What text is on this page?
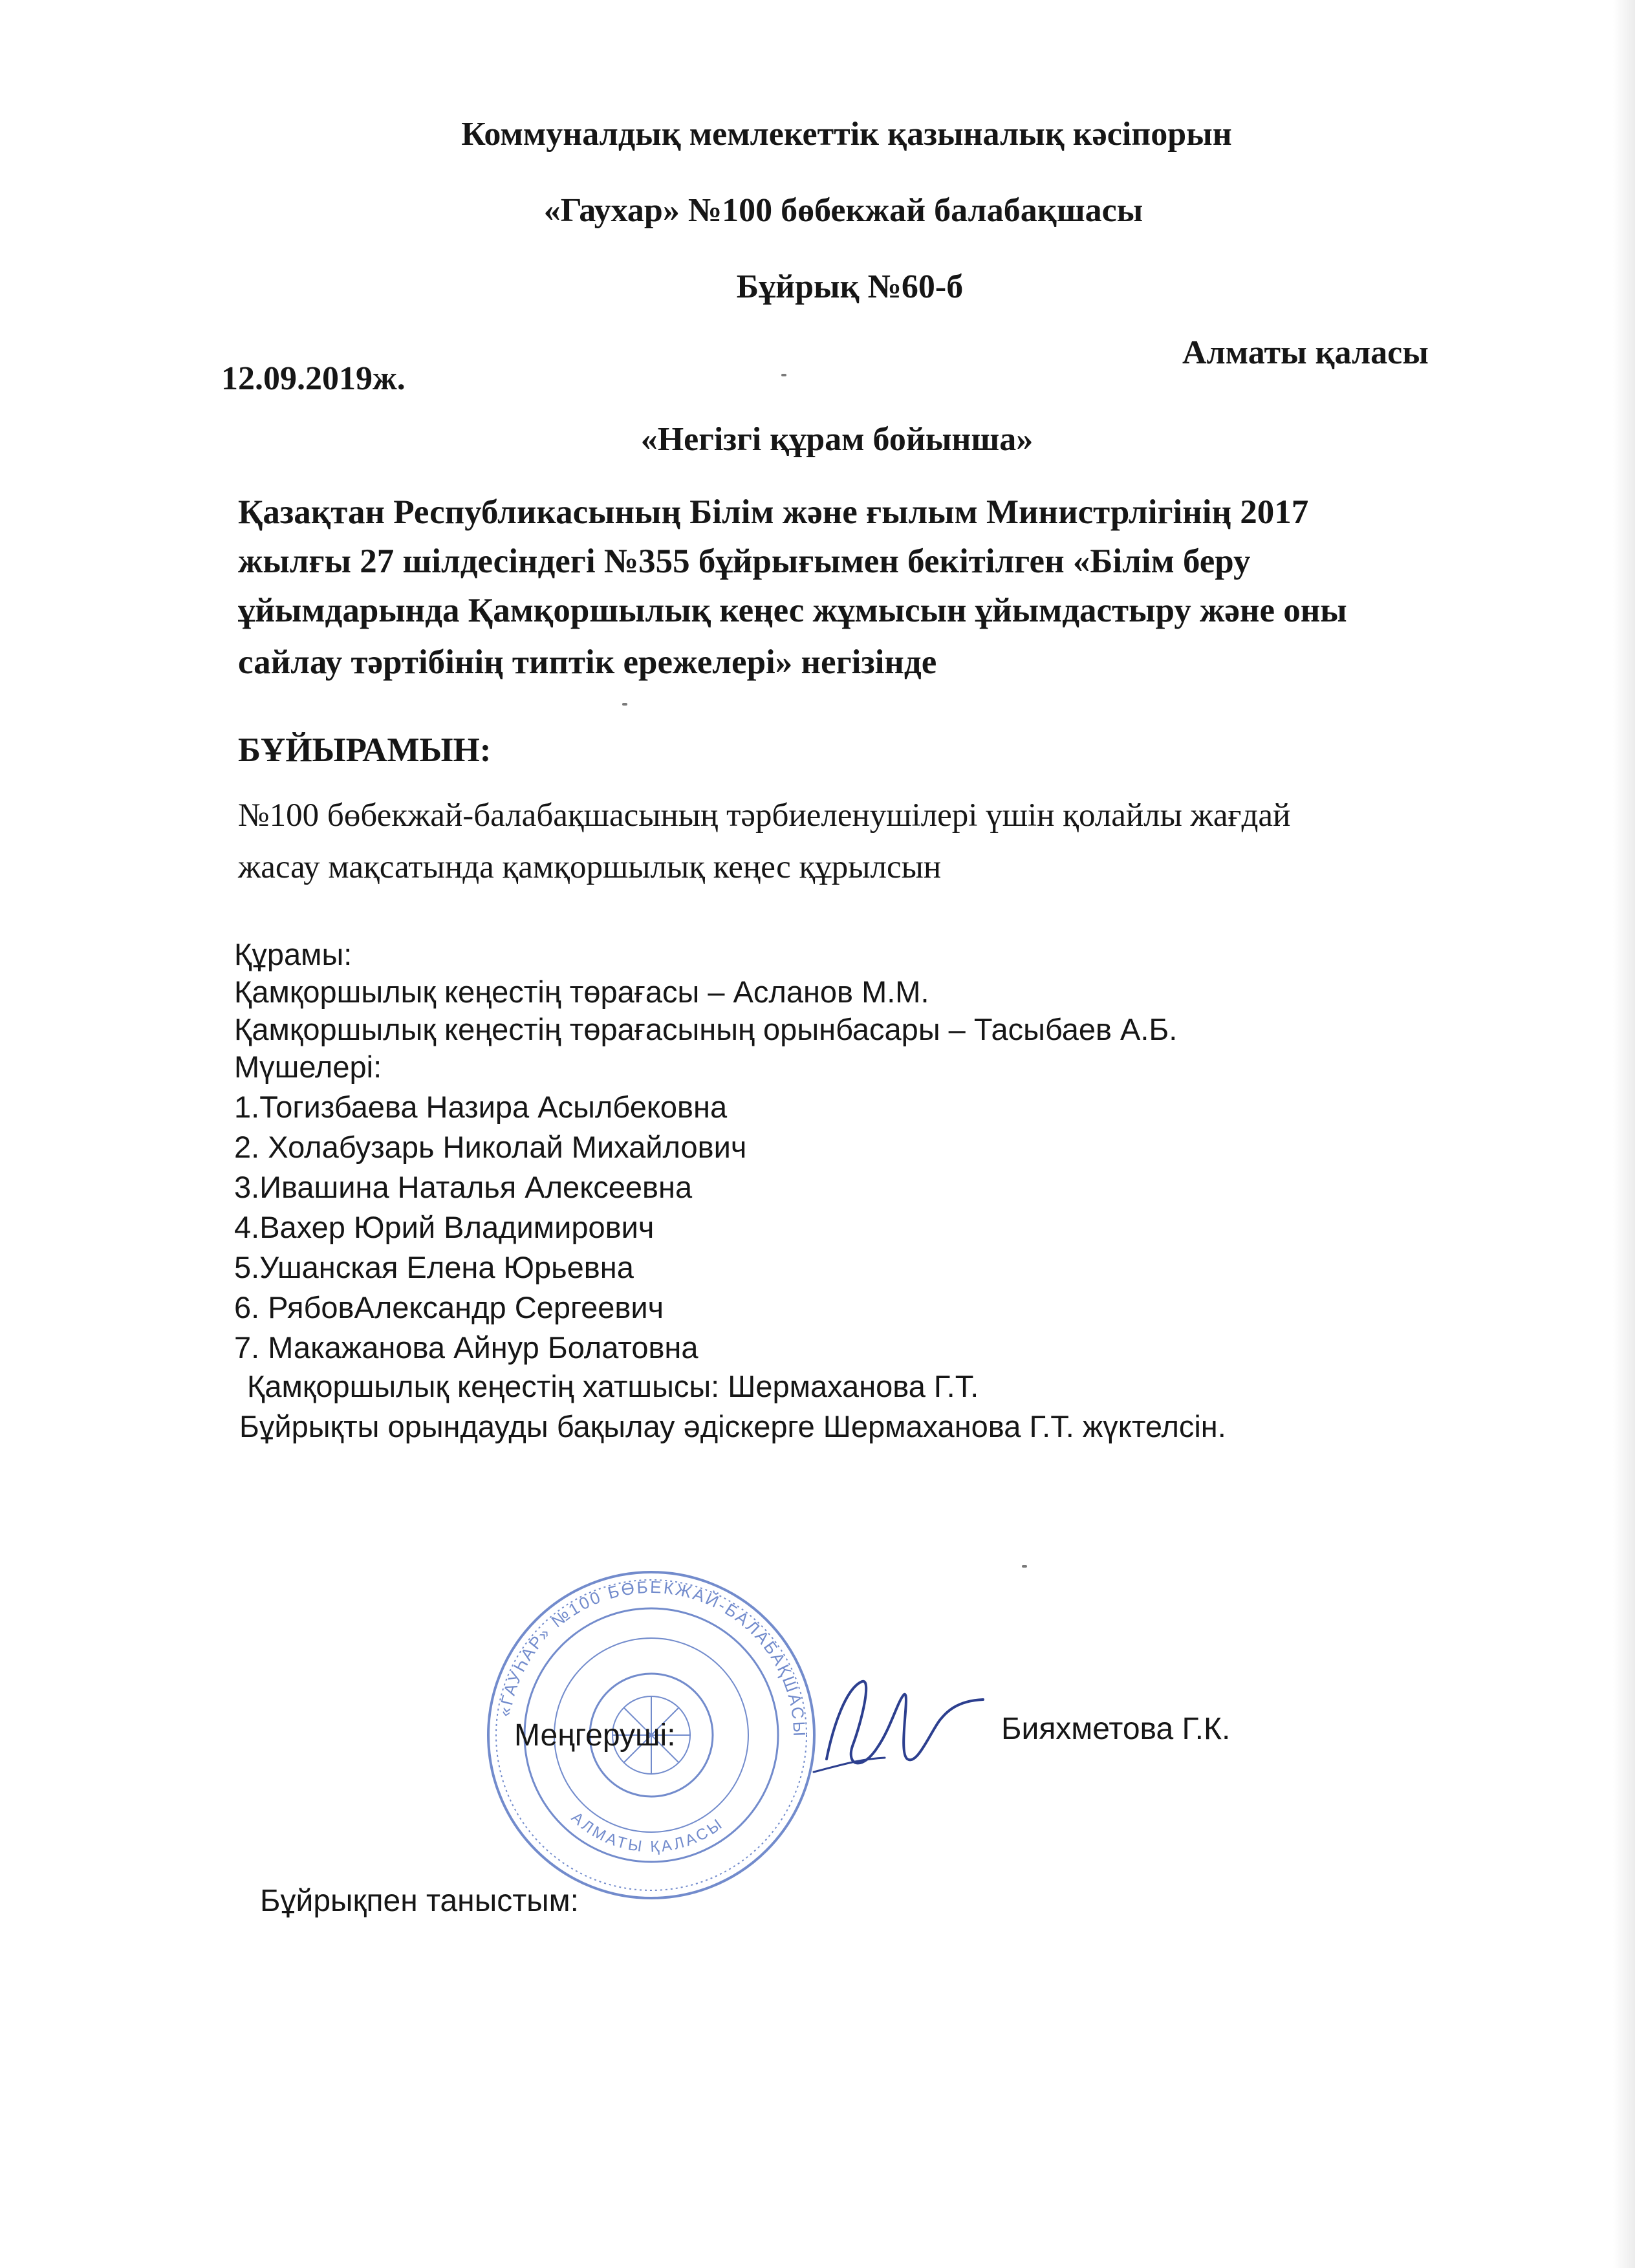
Коммуналдық мемлекеттік қазыналық кәсіпорын
«Гаухар» №100 бөбекжай балабақшасы
Бұйрық №60-б
12.09.2019ж.
Алматы қаласы
«Негізгі құрам бойынша»
Қазақтан Республикасының Білім және ғылым Министрлігінің 2017
жылғы 27 шілдесіндегі №355 бұйрығымен бекітілген «Білім беру
ұйымдарында Қамқоршылық кеңес жұмысын ұйымдастыру және оны
сайлау тәртібінің типтік ережелері» негізінде
БҰЙЫРАМЫН:
№100 бөбекжай-балабақшасының тәрбиеленушілері үшін қолайлы жағдай
жасау мақсатында қамқоршылық кеңес құрылсын
Құрамы:
Қамқоршылық кеңестің төрағасы – Асланов М.М.
Қамқоршылық кеңестің төрағасының орынбасары – Тасыбаев А.Б.
Мүшелері:
1.Тогизбаева Назира Асылбековна
2. Холабузарь Николай Михайлович
3.Ивашина Наталья Алексеевна
4.Вахер Юрий Владимирович
5.Ушанская Елена Юрьевна
6. РябовАлександр Сергеевич
7. Макажанова Айнур Болатовна
Қамқоршылық кеңестің хатшысы: Шермаханова Г.Т.
Бұйрықты орындауды бақылау әдіскерге Шермаханова Г.Т. жүктелсін.
«ГАУҺАР» №100 БӨБЕКЖАЙ-БАЛАБАҚШАСЫ
АЛМАТЫ ҚАЛАСЫ
Меңгеруші:	Бияхметова Г.К.
Бұйрықпен таныстым:
